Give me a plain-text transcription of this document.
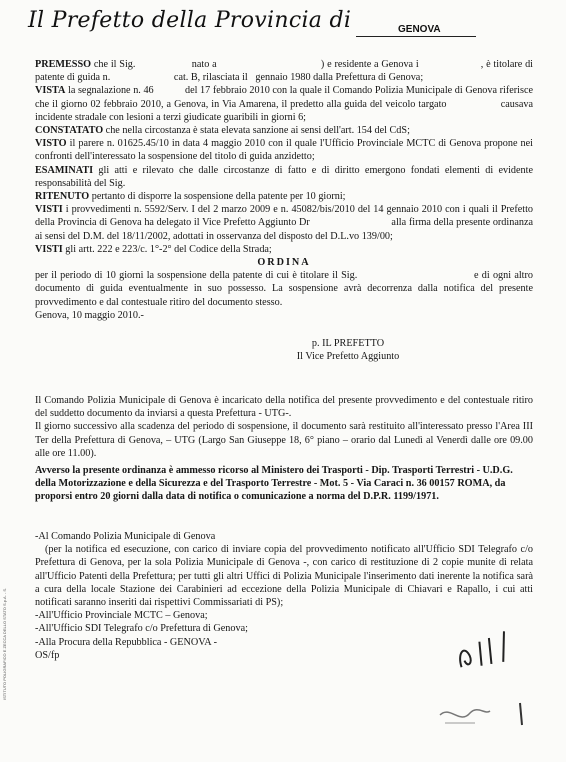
Il Prefetto della Provincia di	GENOVA

PREMESSO che il Sig.                    nato a                                     ) e residente a Genova i                      , è titolare di patente di guida n.                         cat. B, rilasciata il   gennaio 1980 dalla Prefettura di Genova;

VISTA la segnalazione n. 46            del 17 febbraio 2010 con la quale il Comando Polizia Municipale di Genova riferisce che il giorno 02 febbraio 2010, a Genova, in Via Amarena, il predetto alla guida del veicolo targato                  causava incidente stradale con lesioni a terzi giudicate guaribili in giorni 6;

CONSTATATO che nella circostanza è stata elevata sanzione ai sensi dell'art. 154 del CdS;

VISTO il parere n. 01625.45/10 in data 4 maggio 2010 con il quale l'Ufficio Provinciale MCTC di Genova propone nei confronti dell'interessato la sospensione del titolo di guida anzidetto;

ESAMINATI gli atti e rilevato che dalle circostanze di fatto e di diritto emergono fondati elementi di evidente responsabilità del Sig.

RITENUTO pertanto di disporre la sospensione della patente per 10 giorni;

VISTI i provvedimenti n. 5592/Serv. I del 2 marzo 2009 e n. 45082/bis/2010 del 14 gennaio 2010 con i quali il Prefetto della Provincia di Genova ha delegato il Vice Prefetto Aggiunto Dr                              alla firma della presente ordinanza ai sensi del D.M. del 18/11/2002, adottati in osservanza del disposto del D.L.vo 139/00;

VISTI gli artt. 222 e 223/c. 1°-2° del Codice della Strada;

ORDINA

per il periodo di 10 giorni la sospensione della patente di cui è titolare il Sig.                                    e di ogni altro documento di guida eventualmente in suo possesso. La sospensione avrà decorrenza dalla notifica del presente provvedimento e dal contestuale ritiro del documento stesso.

Genova, 10 maggio 2010.-

p. IL PREFETTO
Il Vice Prefetto Aggiunto

Il Comando Polizia Municipale di Genova è incaricato della notifica del presente provvedimento e del contestuale ritiro del suddetto documento da inviarsi a questa Prefettura - UTG-.

Il giorno successivo alla scadenza del periodo di sospensione, il documento sarà restituito all'interessato presso l'Area III Ter della Prefettura di Genova, – UTG (Largo San Giuseppe 18, 6° piano – orario dal Lunedì al Venerdì dalle ore 09.00 alle ore 11.00).

Avverso la presente ordinanza è ammesso ricorso al Ministero dei Trasporti - Dip. Trasporti Terrestri - U.D.G. della Motorizzazione e della Sicurezza e del Trasporto Terrestre - Mot. 5 - Via Caraci n. 36 00157 ROMA, da proporsi entro 20 giorni dalla data di notifica o comunicazione a norma del D.P.R. 1199/1971.

-Al Comando Polizia Municipale di Genova

(per la notifica ed esecuzione, con carico di inviare copia del provvedimento notificato all'Ufficio SDI Telegrafo c/o Prefettura di Genova, per la sola Polizia Municipale di Genova -, con carico di restituzione di 2 copie munite di relata all'Ufficio Patenti della Prefettura; per tutti gli altri Uffici di Polizia Municipale l'inserimento dati inerente la notifica sarà a cura della locale Stazione dei Carabinieri ad eccezione della Polizia Municipale di Chiavari e Rapallo, i cui atti notificati saranno inseriti dai rispettivi Commissariati di PS);

-All'Ufficio Provinciale MCTC – Genova;

-All'Ufficio SDI Telegrafo c/o Prefettura di Genova;

-Alla Procura della Repubblica - GENOVA -

OS/fp

ISTITUTO POLIGRAFICO E ZECCA DELLO STATO S.p.A. - S.
